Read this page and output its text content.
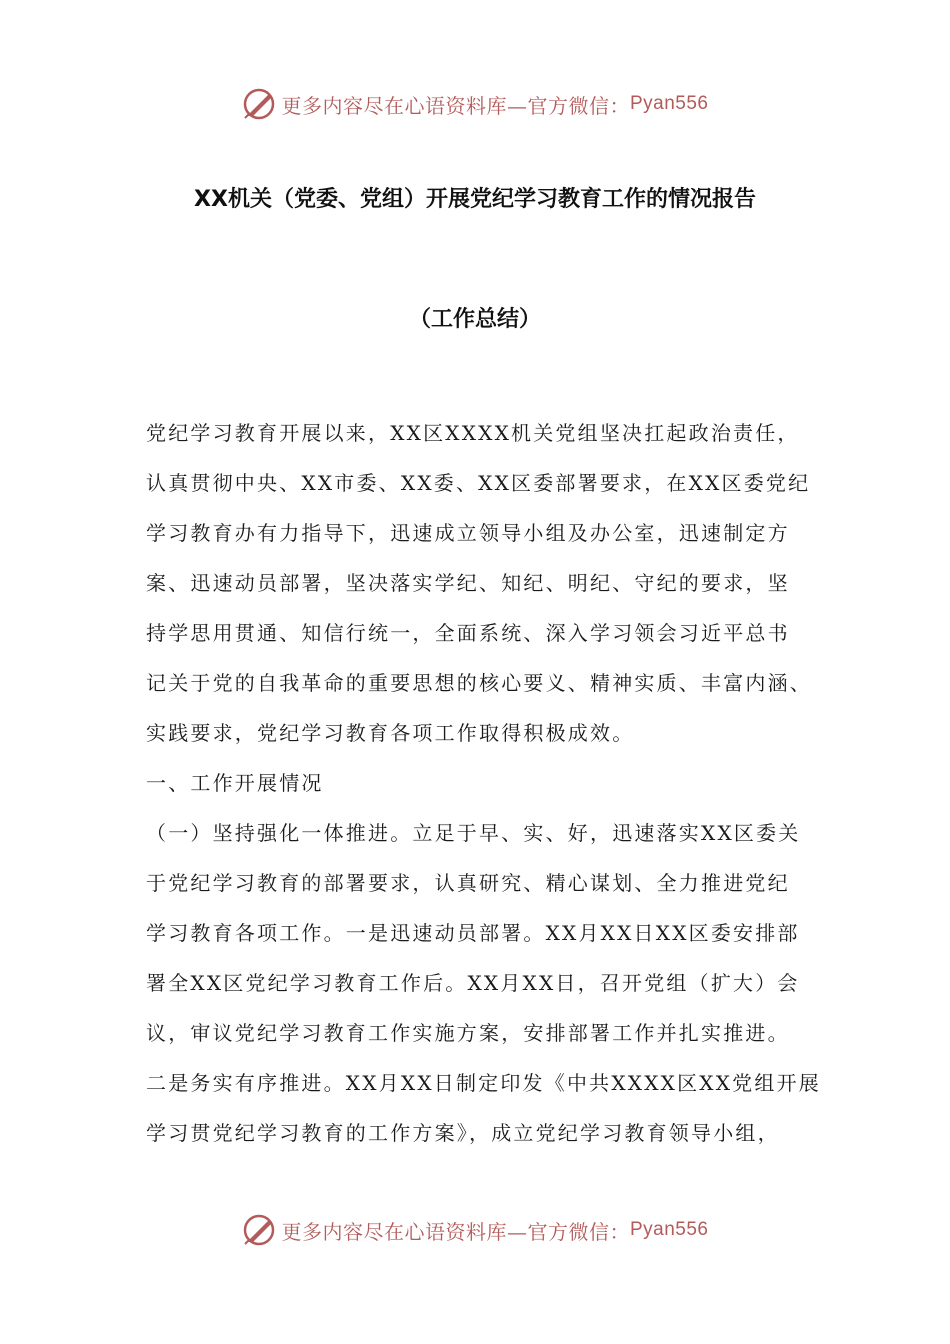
更多内容尽在心语资料库—官方微信： Pyan556
XX机关（党委、党组）开展党纪学习教育工作的情况报告
（工作总结）
党纪学习教育开展以来，XX区XXXX机关党组坚决扛起政治责任，
认真贯彻中央、XX市委、XX委、XX区委部署要求，在XX区委党纪
学习教育办有力指导下，迅速成立领导小组及办公室，迅速制定方
案、迅速动员部署，坚决落实学纪、知纪、明纪、守纪的要求，坚
持学思用贯通、知信行统一，全面系统、深入学习领会习近平总书
记关于党的自我革命的重要思想的核心要义、精神实质、丰富内涵、
实践要求，党纪学习教育各项工作取得积极成效。
一、工作开展情况
（一）坚持强化一体推进。立足于早、实、好，迅速落实XX区委关
于党纪学习教育的部署要求，认真研究、精心谋划、全力推进党纪
学习教育各项工作。一是迅速动员部署。XX月XX日XX区委安排部
署全XX区党纪学习教育工作后。XX月XX日，召开党组（扩大）会
议，审议党纪学习教育工作实施方案，安排部署工作并扎实推进。
二是务实有序推进。XX月XX日制定印发《中共XXXX区XX党组开展
学习贯党纪学习教育的工作方案》，成立党纪学习教育领导小组，
更多内容尽在心语资料库—官方微信： Pyan556
